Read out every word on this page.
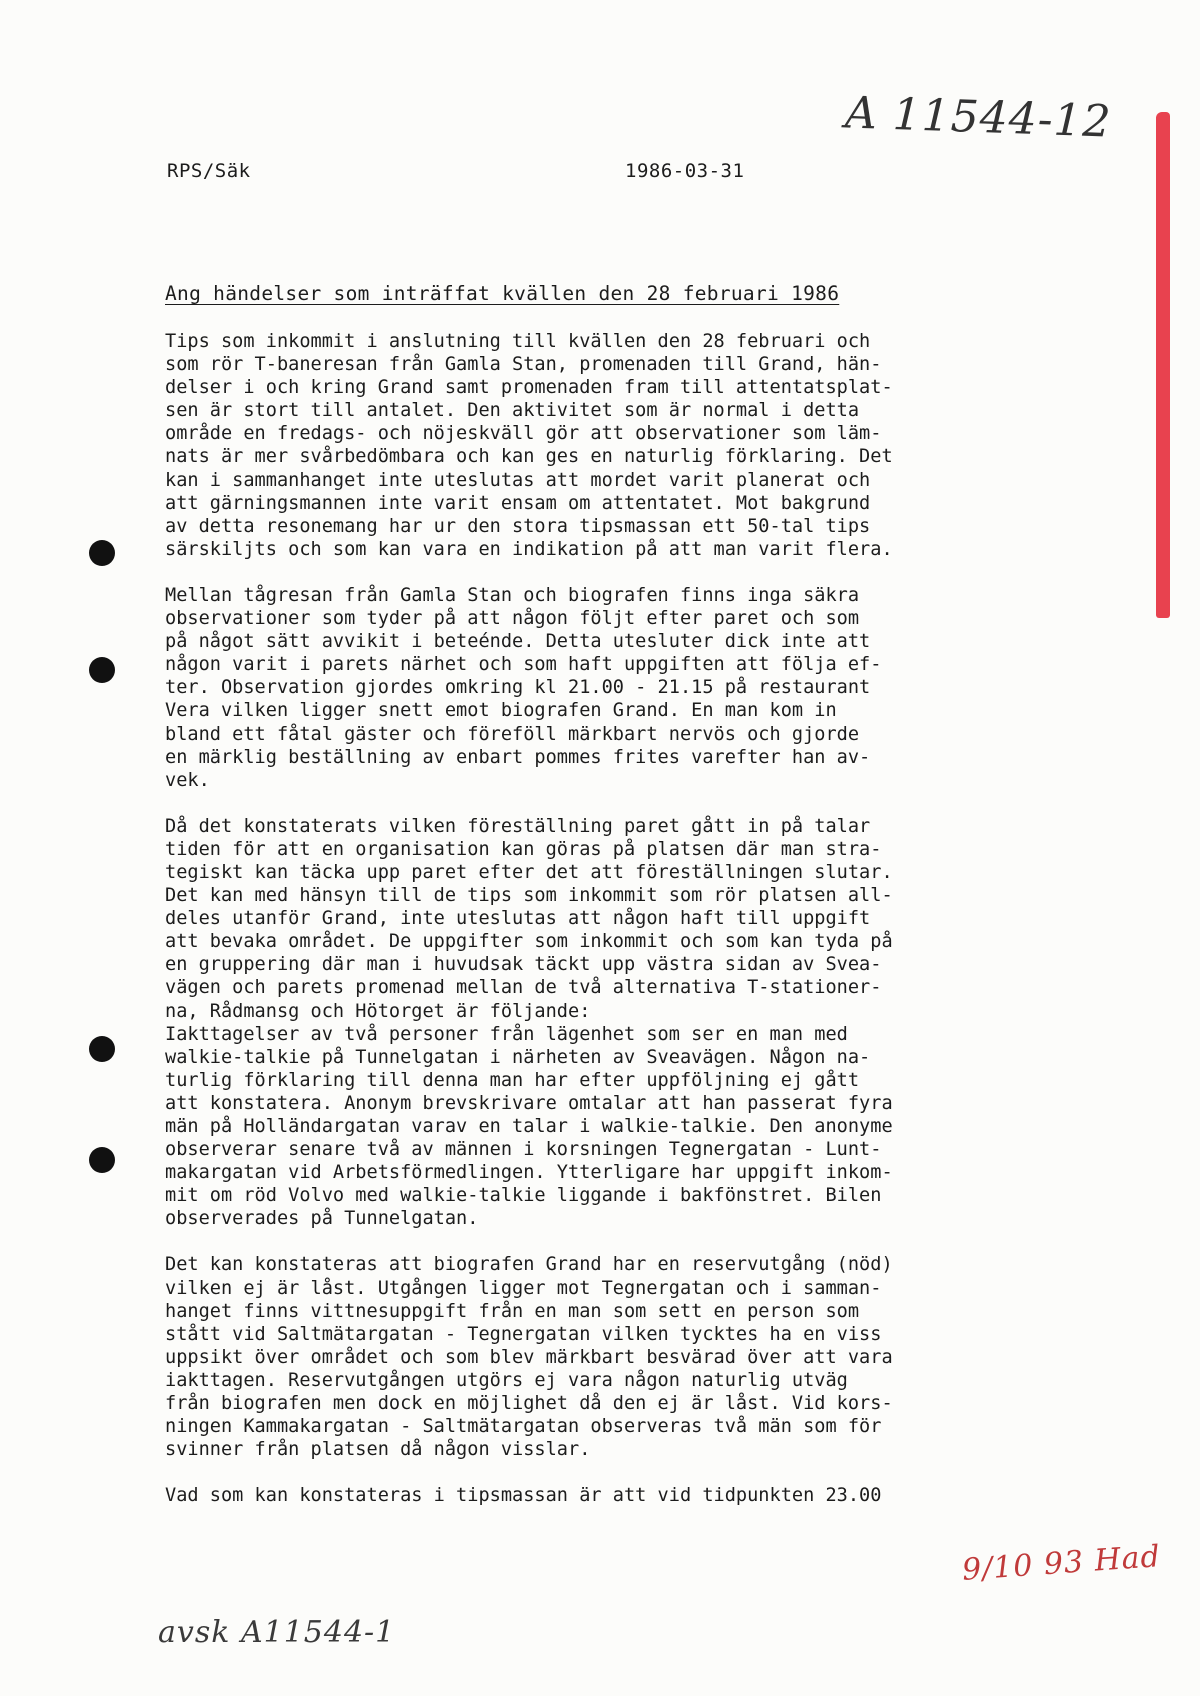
A 11544-12
RPS/Säk	1986-03-31
Ang händelser som inträffat kvällen den 28 februari 1986

Tips som inkommit i anslutning till kvällen den 28 februari och
som rör T-baneresan från Gamla Stan, promenaden till Grand, hän-
delser i och kring Grand samt promenaden fram till attentatsplat-
sen är stort till antalet. Den aktivitet som är normal i detta
område en fredags- och nöjeskväll gör att observationer som läm-
nats är mer svårbedömbara och kan ges en naturlig förklaring. Det
kan i sammanhanget inte uteslutas att mordet varit planerat och
att gärningsmannen inte varit ensam om attentatet. Mot bakgrund
av detta resonemang har ur den stora tipsmassan ett 50-tal tips
särskiljts och som kan vara en indikation på att man varit flera.

Mellan tågresan från Gamla Stan och biografen finns inga säkra
observationer som tyder på att någon följt efter paret och som
på något sätt avvikit i beteénde. Detta utesluter dick inte att
någon varit i parets närhet och som haft uppgiften att följa ef-
ter. Observation gjordes omkring kl 21.00 - 21.15 på restaurant
Vera vilken ligger snett emot biografen Grand. En man kom in
bland ett fåtal gäster och föreföll märkbart nervös och gjorde
en märklig beställning av enbart pommes frites varefter han av-
vek.

Då det konstaterats vilken föreställning paret gått in på talar
tiden för att en organisation kan göras på platsen där man stra-
tegiskt kan täcka upp paret efter det att föreställningen slutar.
Det kan med hänsyn till de tips som inkommit som rör platsen all-
deles utanför Grand, inte uteslutas att någon haft till uppgift
att bevaka området. De uppgifter som inkommit och som kan tyda på
en gruppering där man i huvudsak täckt upp västra sidan av Svea-
vägen och parets promenad mellan de två alternativa T-stationer-
na, Rådmansg och Hötorget är följande:
Iakttagelser av två personer från lägenhet som ser en man med
walkie-talkie på Tunnelgatan i närheten av Sveavägen. Någon na-
turlig förklaring till denna man har efter uppföljning ej gått
att konstatera. Anonym brevskrivare omtalar att han passerat fyra
män på Holländargatan varav en talar i walkie-talkie. Den anonyme
observerar senare två av männen i korsningen Tegnergatan - Lunt-
makargatan vid Arbetsförmedlingen. Ytterligare har uppgift inkom-
mit om röd Volvo med walkie-talkie liggande i bakfönstret. Bilen
observerades på Tunnelgatan.

Det kan konstateras att biografen Grand har en reservutgång (nöd)
vilken ej är låst. Utgången ligger mot Tegnergatan och i samman-
hanget finns vittnesuppgift från en man som sett en person som
stått vid Saltmätargatan - Tegnergatan vilken tycktes ha en viss
uppsikt över området och som blev märkbart besvärad över att vara
iakttagen. Reservutgången utgörs ej vara någon naturlig utväg
från biografen men dock en möjlighet då den ej är låst. Vid kors-
ningen Kammakargatan - Saltmätargatan observeras två män som för
svinner från platsen då någon visslar.

Vad som kan konstateras i tipsmassan är att vid tidpunkten 23.00

9/10 93 Had
avsk A11544-1
